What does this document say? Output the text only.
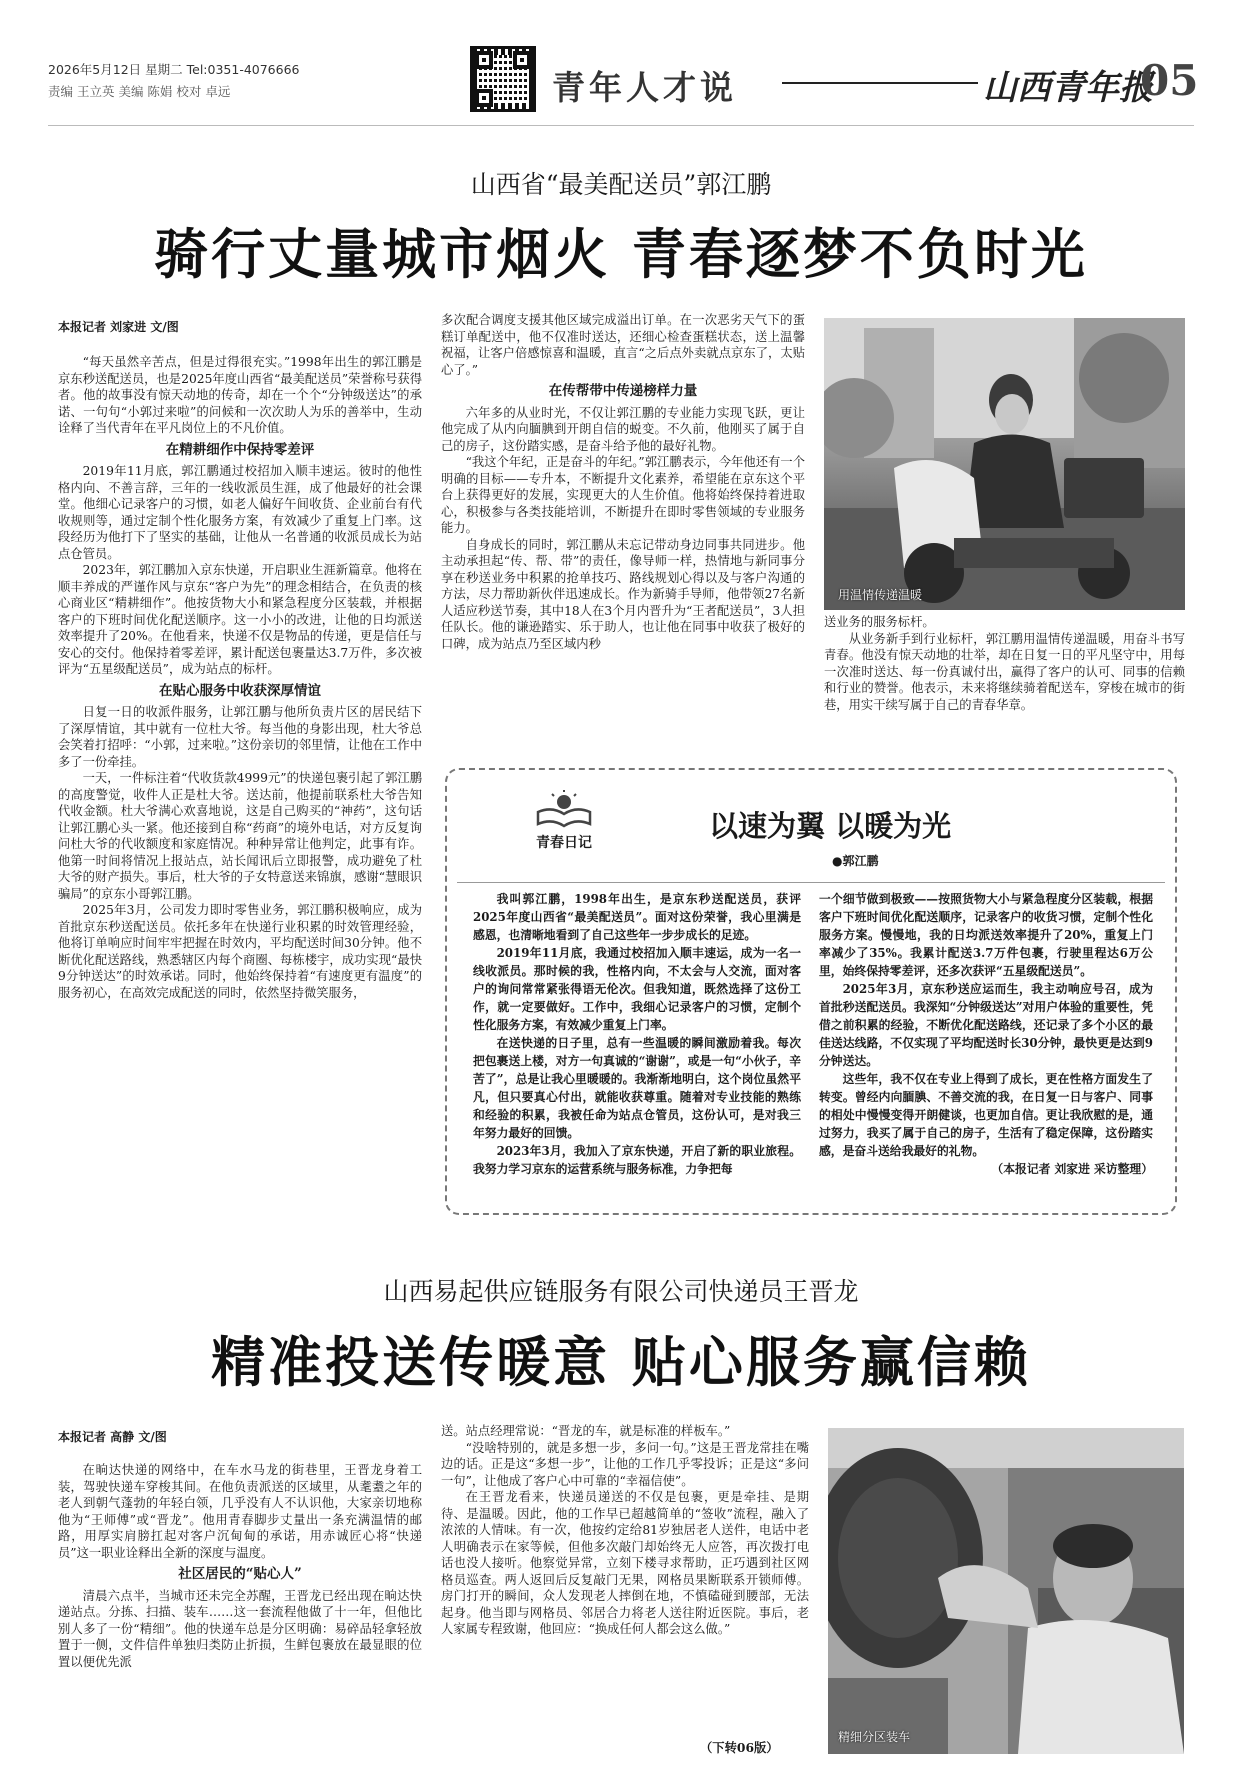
2026年5月12日 星期二 Tel:0351-4076666
责编 王立英 美编 陈娟 校对 卓远	青年人才说	山西青年报
05
山西省“最美配送员”郭江鹏
骑行丈量城市烟火 青春逐梦不负时光
本报记者 刘家进 文/图

“每天虽然辛苦点，但是过得很充实。”1998年出生的郭江鹏是京东秒送配送员，也是2025年度山西省“最美配送员”荣誉称号获得者。他的故事没有惊天动地的传奇，却在一个个“分钟级送达”的承诺、一句句“小郭过来啦”的问候和一次次助人为乐的善举中，生动诠释了当代青年在平凡岗位上的不凡价值。

在精耕细作中保持零差评

2019年11月底，郭江鹏通过校招加入顺丰速运。彼时的他性格内向、不善言辞，三年的一线收派员生涯，成了他最好的社会课堂。他细心记录客户的习惯，如老人偏好午间收货、企业前台有代收规则等，通过定制个性化服务方案，有效减少了重复上门率。这段经历为他打下了坚实的基础，让他从一名普通的收派员成长为站点仓管员。

2023年，郭江鹏加入京东快递，开启职业生涯新篇章。他将在顺丰养成的严谨作风与京东“客户为先”的理念相结合，在负责的核心商业区“精耕细作”。他按货物大小和紧急程度分区装载，并根据客户的下班时间优化配送顺序。这一小小的改进，让他的日均派送效率提升了20%。在他看来，快递不仅是物品的传递，更是信任与安心的交付。他保持着零差评，累计配送包裹量达3.7万件，多次被评为“五星级配送员”，成为站点的标杆。

在贴心服务中收获深厚情谊

日复一日的收派件服务，让郭江鹏与他所负责片区的居民结下了深厚情谊，其中就有一位杜大爷。每当他的身影出现，杜大爷总会笑着打招呼：“小郭，过来啦。”这份亲切的邻里情，让他在工作中多了一份牵挂。

一天，一件标注着“代收货款4999元”的快递包裹引起了郭江鹏的高度警觉，收件人正是杜大爷。送达前，他提前联系杜大爷告知代收金额。杜大爷满心欢喜地说，这是自己购买的“神药”，这句话让郭江鹏心头一紧。他还接到自称“药商”的境外电话，对方反复询问杜大爷的代收额度和家庭情况。种种异常让他判定，此事有诈。他第一时间将情况上报站点，站长闻讯后立即报警，成功避免了杜大爷的财产损失。事后，杜大爷的子女特意送来锦旗，感谢“慧眼识骗局”的京东小哥郭江鹏。

2025年3月，公司发力即时零售业务，郭江鹏积极响应，成为首批京东秒送配送员。依托多年在快递行业积累的时效管理经验，他将订单响应时间牢牢把握在时效内，平均配送时间30分钟。他不断优化配送路线，熟悉辖区内每个商圈、每栋楼宇，成功实现“最快9分钟送达”的时效承诺。同时，他始终保持着“有速度更有温度”的服务初心，在高效完成配送的同时，依然坚持微笑服务，

多次配合调度支援其他区域完成溢出订单。在一次恶劣天气下的蛋糕订单配送中，他不仅准时送达，还细心检查蛋糕状态，送上温馨祝福，让客户倍感惊喜和温暖，直言“之后点外卖就点京东了，太贴心了。”

在传帮带中传递榜样力量

六年多的从业时光，不仅让郭江鹏的专业能力实现飞跃，更让他完成了从内向腼腆到开朗自信的蜕变。不久前，他刚买了属于自己的房子，这份踏实感，是奋斗给予他的最好礼物。

“我这个年纪，正是奋斗的年纪。”郭江鹏表示，今年他还有一个明确的目标——专升本，不断提升文化素养，希望能在京东这个平台上获得更好的发展，实现更大的人生价值。他将始终保持着进取心，积极参与各类技能培训，不断提升在即时零售领域的专业服务能力。

自身成长的同时，郭江鹏从未忘记带动身边同事共同进步。他主动承担起“传、帮、带”的责任，像导师一样，热情地与新同事分享在秒送业务中积累的抢单技巧、路线规划心得以及与客户沟通的方法，尽力帮助新伙伴迅速成长。作为新骑手导师，他带领27名新人适应秒送节奏，其中18人在3个月内晋升为“王者配送员”，3人担任队长。他的谦逊踏实、乐于助人，也让他在同事中收获了极好的口碑，成为站点乃至区域内秒

用温情传递温暖

送业务的服务标杆。

从业务新手到行业标杆，郭江鹏用温情传递温暖，用奋斗书写青春。他没有惊天动地的壮举，却在日复一日的平凡坚守中，用每一次准时送达、每一份真诚付出，赢得了客户的认可、同事的信赖和行业的赞誉。他表示，未来将继续骑着配送车，穿梭在城市的街巷，用实干续写属于自己的青春华章。

青春日记	以速为翼 以暖为光
●郭江鹏

我叫郭江鹏，1998年出生，是京东秒送配送员，获评2025年度山西省“最美配送员”。面对这份荣誉，我心里满是感恩，也清晰地看到了自己这些年一步步成长的足迹。

2019年11月底，我通过校招加入顺丰速运，成为一名一线收派员。那时候的我，性格内向，不太会与人交流，面对客户的询问常常紧张得语无伦次。但我知道，既然选择了这份工作，就一定要做好。工作中，我细心记录客户的习惯，定制个性化服务方案，有效减少重复上门率。

在送快递的日子里，总有一些温暖的瞬间激励着我。每次把包裹送上楼，对方一句真诚的“谢谢”，或是一句“小伙子，辛苦了”，总是让我心里暖暖的。我渐渐地明白，这个岗位虽然平凡，但只要真心付出，就能收获尊重。随着对专业技能的熟练和经验的积累，我被任命为站点仓管员，这份认可，是对我三年努力最好的回馈。

2023年3月，我加入了京东快递，开启了新的职业旅程。我努力学习京东的运营系统与服务标准，力争把每

一个细节做到极致——按照货物大小与紧急程度分区装载，根据客户下班时间优化配送顺序，记录客户的收货习惯，定制个性化服务方案。慢慢地，我的日均派送效率提升了20%，重复上门率减少了35%。我累计配送3.7万件包裹，行驶里程达6万公里，始终保持零差评，还多次获评“五星级配送员”。

2025年3月，京东秒送应运而生，我主动响应号召，成为首批秒送配送员。我深知“分钟级送达”对用户体验的重要性，凭借之前积累的经验，不断优化配送路线，还记录了多个小区的最佳送达线路，不仅实现了平均配送时长30分钟，最快更是达到9分钟送达。

这些年，我不仅在专业上得到了成长，更在性格方面发生了转变。曾经内向腼腆、不善交流的我，在日复一日与客户、同事的相处中慢慢变得开朗健谈，也更加自信。更让我欣慰的是，通过努力，我买了属于自己的房子，生活有了稳定保障，这份踏实感，是奋斗送给我最好的礼物。

（本报记者 刘家进 采访整理）
山西易起供应链服务有限公司快递员王晋龙
精准投送传暖意 贴心服务赢信赖
本报记者 高静 文/图

在晌达快递的网络中，在车水马龙的街巷里，王晋龙身着工装，驾驶快递车穿梭其间。在他负责派送的区域里，从耄耋之年的老人到朝气蓬勃的年轻白领，几乎没有人不认识他，大家亲切地称他为“王师傅”或“晋龙”。他用青春脚步丈量出一条充满温情的邮路，用厚实肩膀扛起对客户沉甸甸的承诺，用赤诚匠心将“快递员”这一职业诠释出全新的深度与温度。

社区居民的“贴心人”

清晨六点半，当城市还未完全苏醒，王晋龙已经出现在晌达快递站点。分拣、扫描、装车……这一套流程他做了十一年，但他比别人多了一份“精细”。他的快递车总是分区明确：易碎品轻拿轻放置于一侧，文件信件单独归类防止折损，生鲜包裹放在最显眼的位置以便优先派

送。站点经理常说：“晋龙的车，就是标准的样板车。”

“没啥特别的，就是多想一步，多问一句。”这是王晋龙常挂在嘴边的话。正是这“多想一步”，让他的工作几乎零投诉；正是这“多问一句”，让他成了客户心中可靠的“幸福信使”。

在王晋龙看来，快递员递送的不仅是包裹，更是牵挂、是期待、是温暖。因此，他的工作早已超越简单的“签收”流程，融入了浓浓的人情味。有一次，他按约定给81岁独居老人送件，电话中老人明确表示在家等候，但他多次敲门却始终无人应答，再次拨打电话也没人接听。他察觉异常，立刻下楼寻求帮助，正巧遇到社区网格员巡查。两人返回后反复敲门无果，网格员果断联系开锁师傅。房门打开的瞬间，众人发现老人摔倒在地，不慎磕碰到腰部，无法起身。他当即与网格员、邻居合力将老人送往附近医院。事后，老人家属专程致谢，他回应：“换成任何人都会这么做。”

（下转06版）
精细分区装车
